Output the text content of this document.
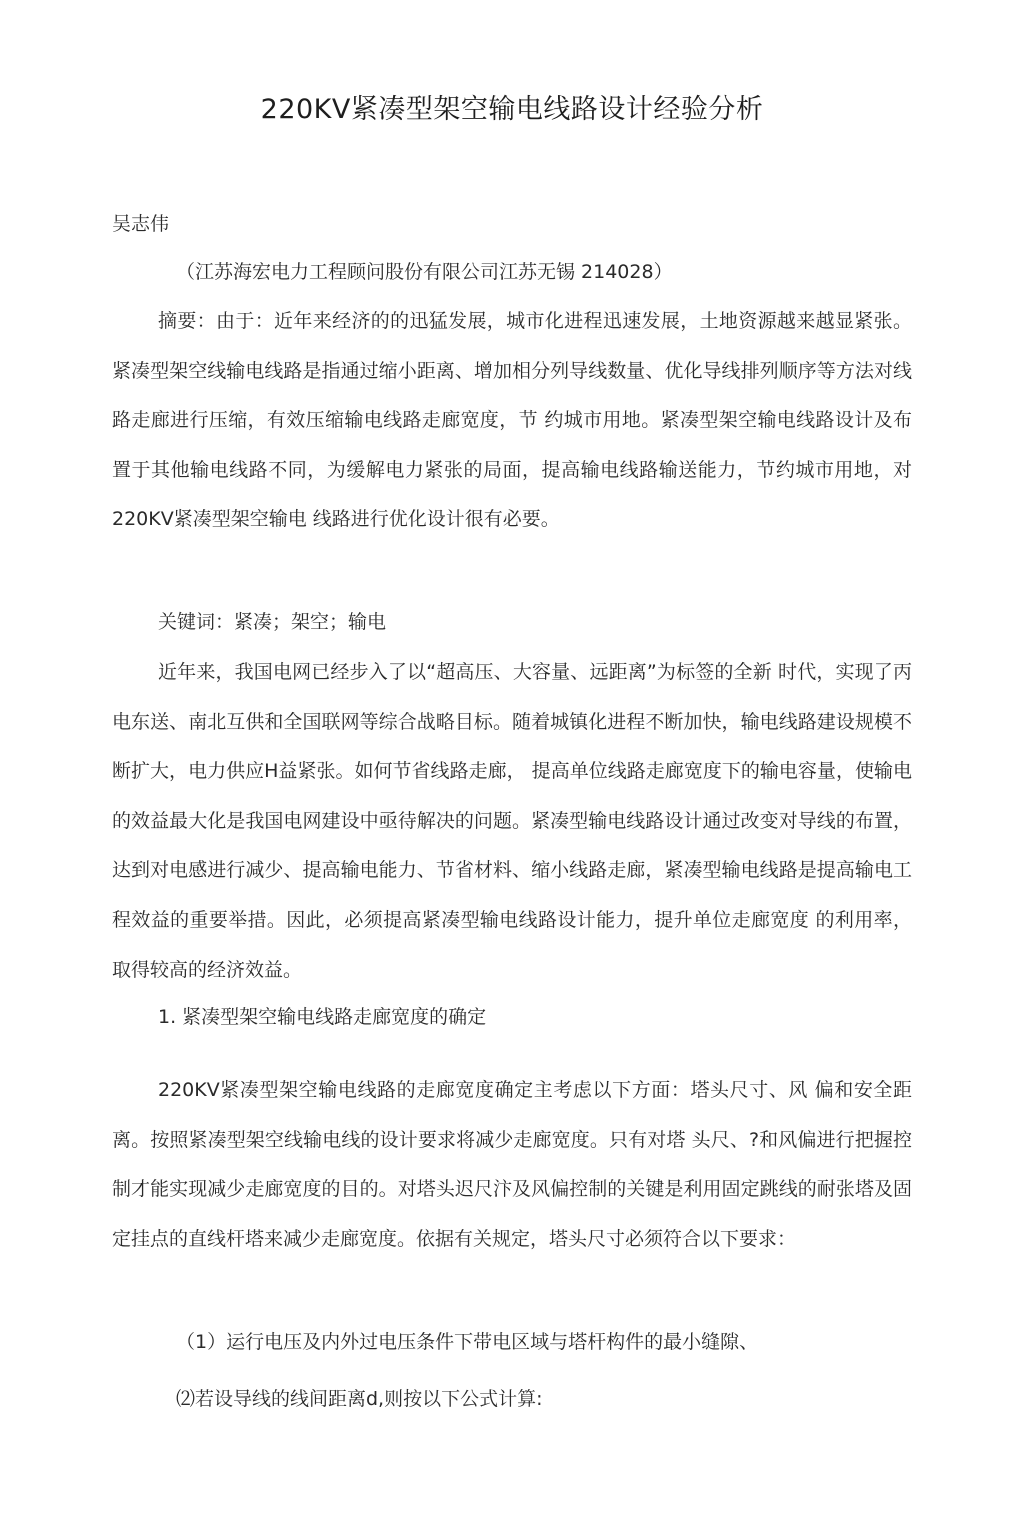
220KV紧凑型架空输电线路设计经验分析
吴志伟
（江苏海宏电力工程顾问股份有限公司江苏无锡 214028）

摘要：由于：近年来经济的的迅猛发展，城市化进程迅速发展，土地资源越来越显紧张。紧凑型架空线输电线路是指通过缩小距离、增加相分列导线数量、优化导线排列顺序等方法对线路走廊进行压缩，有效压缩输电线路走廊宽度，节 约城市用地。紧凑型架空输电线路设计及布置于其他输电线路不同，为缓解电力紧张的局面，提高输电线路输送能力，节约城市用地，对220KV紧凑型架空输电 线路进行优化设计很有必要。

关键词：紧凑；架空；输电

近年来，我国电网已经步入了以“超高压、大容量、远距离”为标签的全新 时代，实现了丙电东送、南北互供和全国联网等综合战略目标。随着城镇化进程不断加快，输电线路建设规模不断扩大，电力供应H益紧张。如何节省线路走廊， 提高单位线路走廊宽度下的输电容量，使输电的效益最大化是我国电网建设中亟待解决的问题。紧凑型输电线路设计通过改变对导线的布置，达到对电感进行减少、提高输电能力、节省材料、缩小线路走廊，紧凑型输电线路是提高输电工程效益的重要举措。因此，必须提高紧凑型输电线路设计能力，提升单位走廊宽度 的利用率，取得较高的经济效益。

1. 紧凑型架空输电线路走廊宽度的确定

220KV紧凑型架空输电线路的走廊宽度确定主考虑以下方面：塔头尺寸、风 偏和安全距离。按照紧凑型架空线输电线的设计要求将减少走廊宽度。只有对塔 头尺、?和风偏进行把握控制才能实现减少走廊宽度的目的。对塔头迟尺汴及风偏控制的关键是利用固定跳线的耐张塔及固定挂点的直线杆塔来减少走廊宽度。依据有关规定，塔头尺寸必须符合以下要求：

（1）运行电压及内外过电压条件下带电区域与塔杆构件的最小缝隙、
⑵若设导线的线间距离d,则按以下公式计算:
